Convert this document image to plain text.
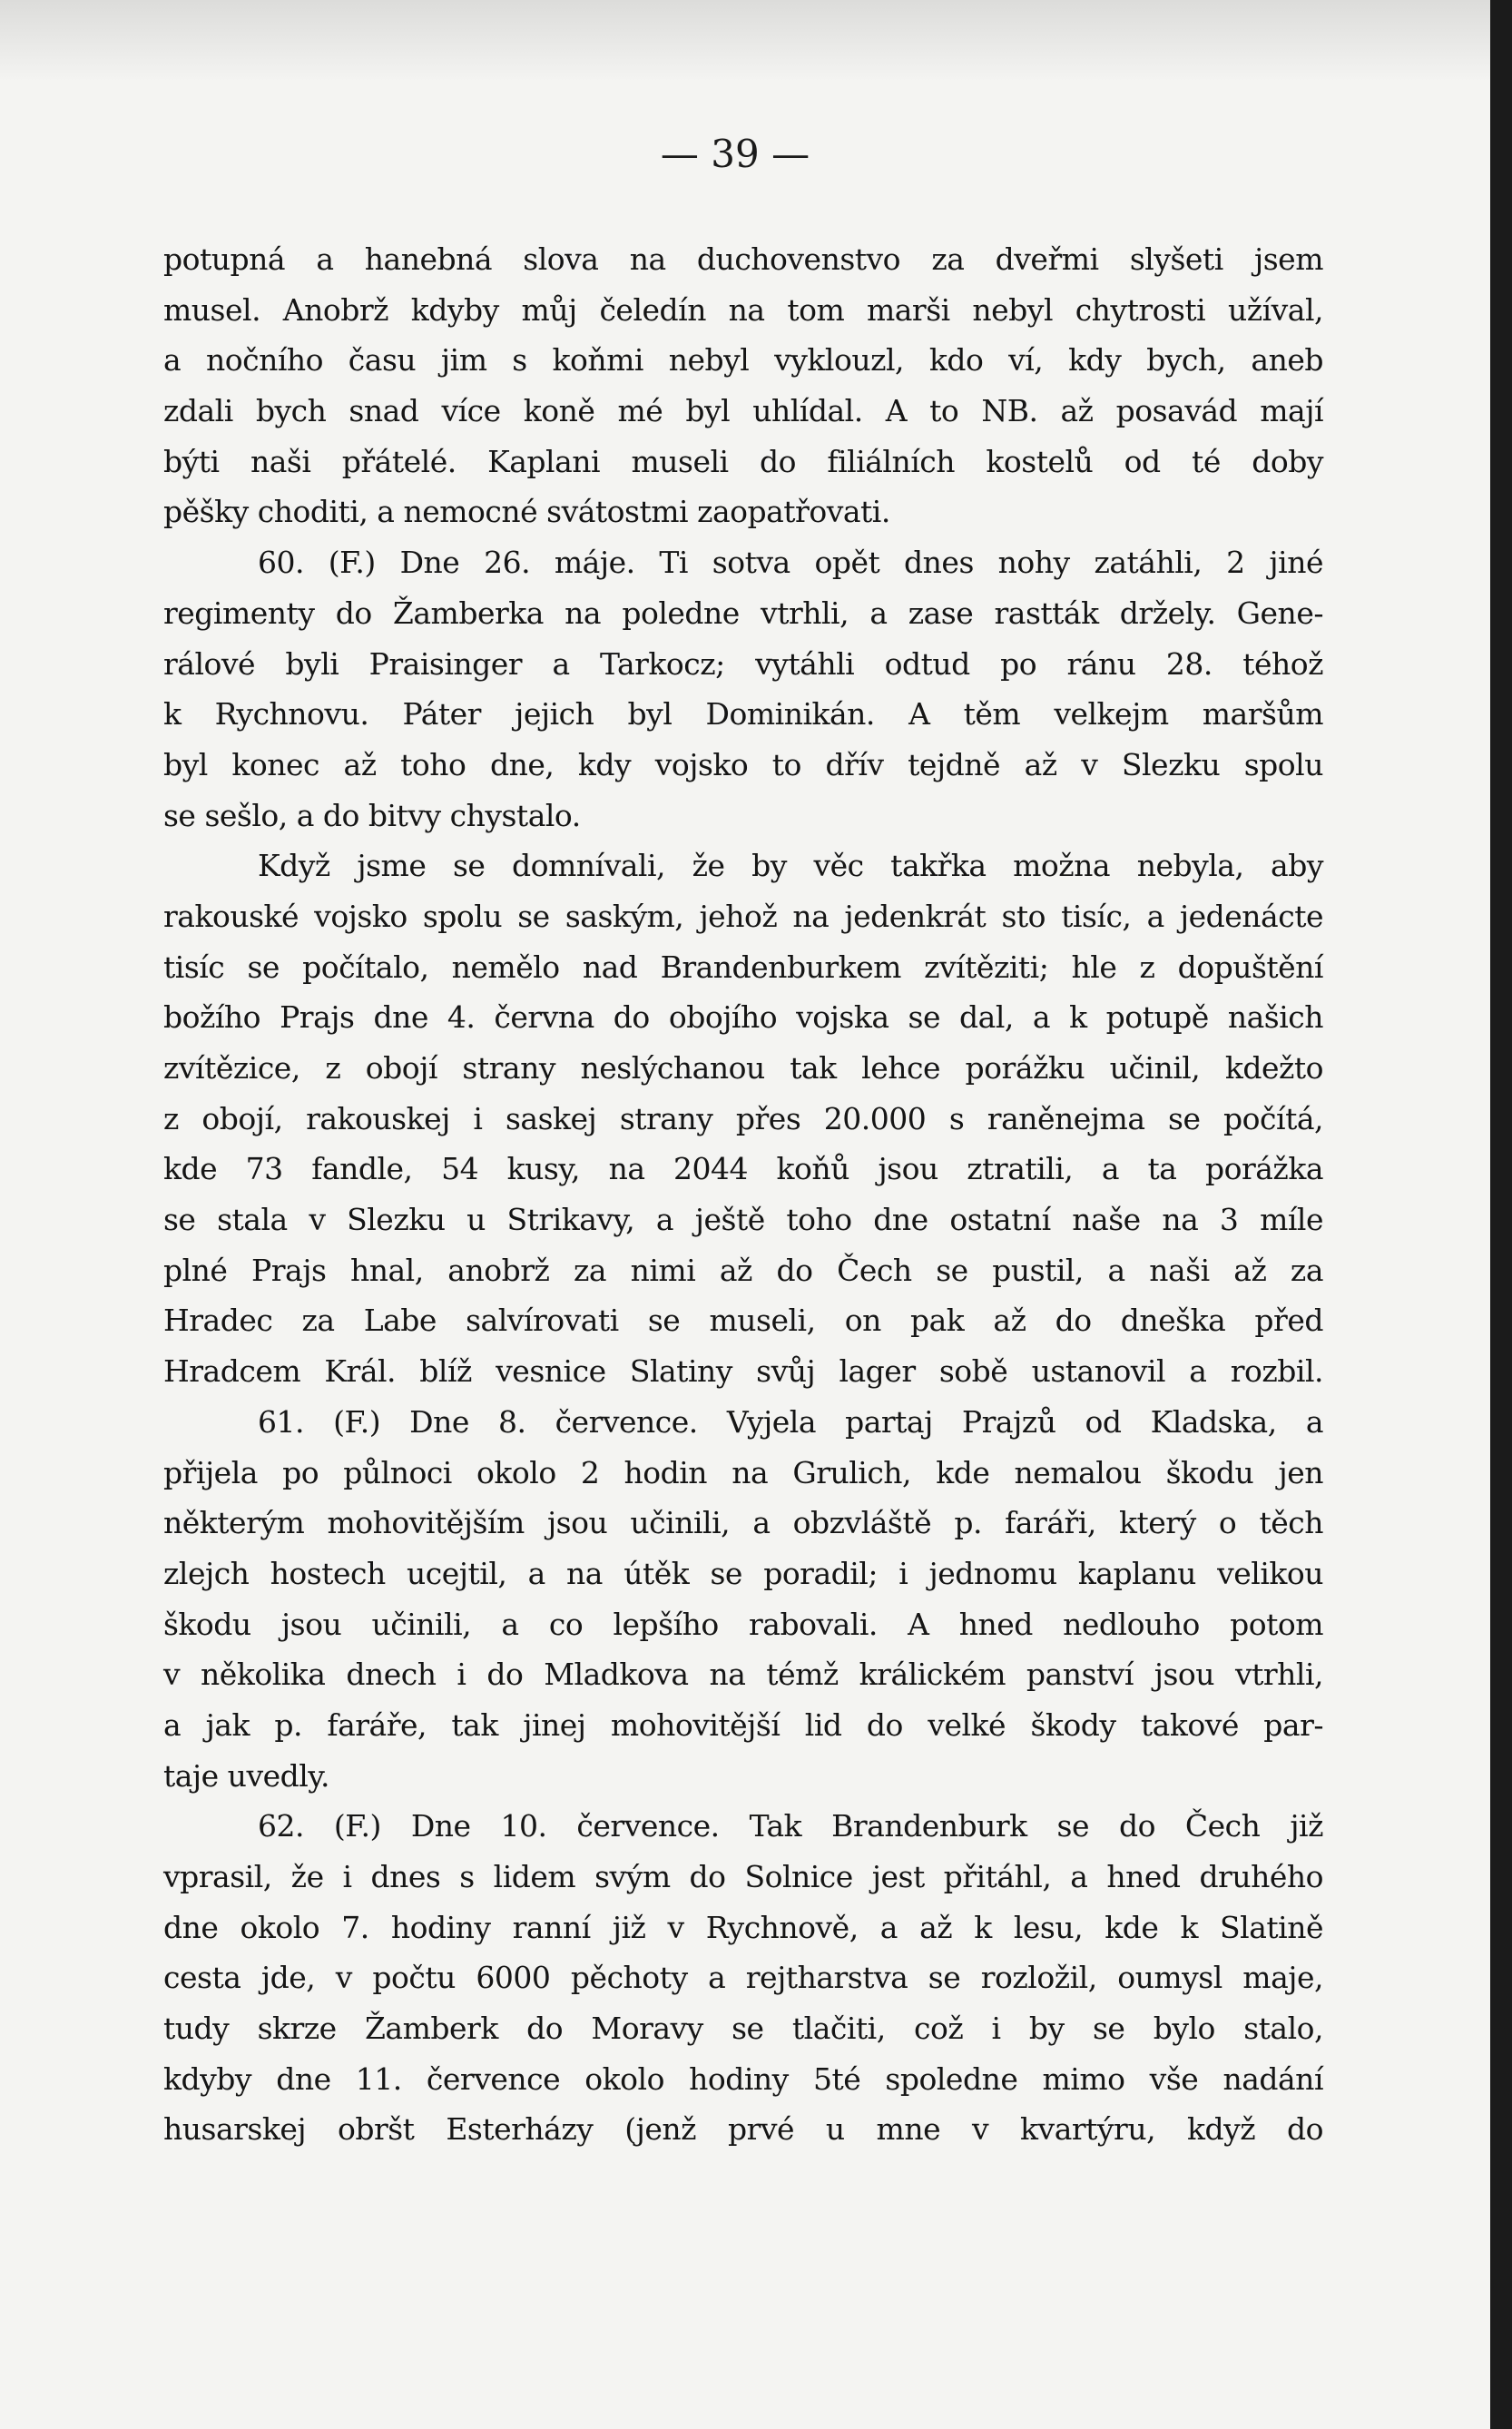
— 39 —
potupná a hanebná slova na duchovenstvo za dveřmi slyšeti jsem
musel. Anobrž kdyby můj čeledín na tom marši nebyl chytrosti užíval,
a nočního času jim s koňmi nebyl vyklouzl, kdo ví, kdy bych, aneb
zdali bych snad více koně mé byl uhlídal. A to NB. až posavád mají
býti naši přátelé. Kaplani museli do filiálních kostelů od té doby
pěšky choditi, a nemocné svátostmi zaopatřovati.
60. (F.) Dne 26. máje. Ti sotva opět dnes nohy zatáhli, 2 jiné
regimenty do Žamberka na poledne vtrhli, a zase rastták držely. Gene-
rálové byli Praisinger a Tarkocz; vytáhli odtud po ránu 28. téhož
k Rychnovu. Páter jejich byl Dominikán. A těm velkejm maršům
byl konec až toho dne, kdy vojsko to dřív tejdně až v Slezku spolu
se sešlo, a do bitvy chystalo.
Když jsme se domnívali, že by věc takřka možna nebyla, aby
rakouské vojsko spolu se saským, jehož na jedenkrát sto tisíc, a jedenácte
tisíc se počítalo, nemělo nad Brandenburkem zvítěziti; hle z dopuštění
božího Prajs dne 4. června do obojího vojska se dal, a k potupě našich
zvítězice, z obojí strany neslýchanou tak lehce porážku učinil, kdežto
z obojí, rakouskej i saskej strany přes 20.000 s raněnejma se počítá,
kde 73 fandle, 54 kusy, na 2044 koňů jsou ztratili, a ta porážka
se stala v Slezku u Strikavy, a ještě toho dne ostatní naše na 3 míle
plné Prajs hnal, anobrž za nimi až do Čech se pustil, a naši až za
Hradec za Labe salvírovati se museli, on pak až do dneška před
Hradcem Král. blíž vesnice Slatiny svůj lager sobě ustanovil a rozbil.
61. (F.) Dne 8. července. Vyjela partaj Prajzů od Kladska, a
přijela po půlnoci okolo 2 hodin na Grulich, kde nemalou škodu jen
některým mohovitějším jsou učinili, a obzvláště p. faráři, který o těch
zlejch hostech ucejtil, a na útěk se poradil; i jednomu kaplanu velikou
škodu jsou učinili, a co lepšího rabovali. A hned nedlouho potom
v několika dnech i do Mladkova na témž králickém panství jsou vtrhli,
a jak p. faráře, tak jinej mohovitější lid do velké škody takové par-
taje uvedly.
62. (F.) Dne 10. července. Tak Brandenburk se do Čech již
vprasil, že i dnes s lidem svým do Solnice jest přitáhl, a hned druhého
dne okolo 7. hodiny ranní již v Rychnově, a až k lesu, kde k Slatině
cesta jde, v počtu 6000 pěchoty a rejtharstva se rozložil, oumysl maje,
tudy skrze Žamberk do Moravy se tlačiti, což i by se bylo stalo,
kdyby dne 11. července okolo hodiny 5té spoledne mimo vše nadání
husarskej obršt Esterházy (jenž prvé u mne v kvartýru, když do
